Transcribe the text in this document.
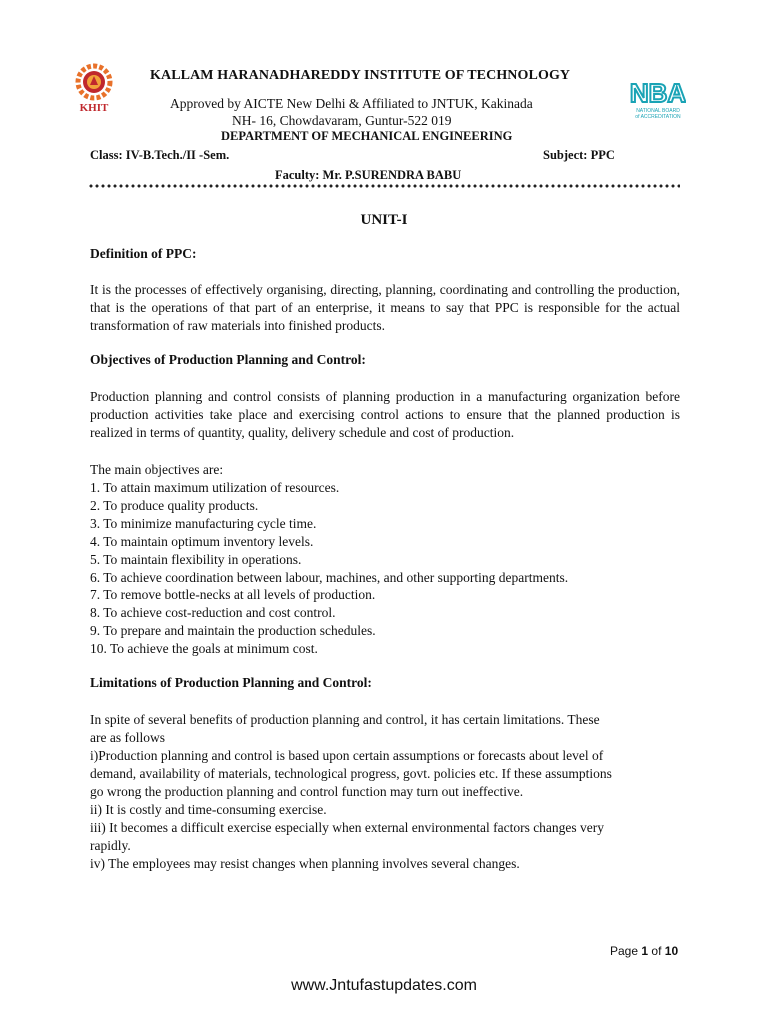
KHIT	NBA
NATIONAL BOARD
of ACCREDITATION
KALLAM HARANADHAREDDY INSTITUTE OF TECHNOLOGY
Approved by AICTE New Delhi & Affiliated to JNTUK, Kakinada
NH- 16, Chowdavaram, Guntur-522 019
DEPARTMENT OF MECHANICAL ENGINEERING
Class: IV-B.Tech./II -Sem.	Subject: PPC
Faculty: Mr. P.SURENDRA BABU
UNIT-I
Definition of PPC:

It is the processes of effectively organising, directing, planning, coordinating and controlling the production, that is the operations of that part of an enterprise, it means to say that PPC is responsible for the actual transformation of raw materials into finished products.

Objectives of Production Planning and Control:

Production planning and control consists of planning production in a manufacturing organization before production activities take place and exercising control actions to ensure that the planned production is realized in terms of quantity, quality, delivery schedule and cost of production.

The main objectives are:
1. To attain maximum utilization of resources.
2. To produce quality products.
3. To minimize manufacturing cycle time.
4. To maintain optimum inventory levels.
5. To maintain flexibility in operations.
6. To achieve coordination between labour, machines, and other supporting departments.
7. To remove bottle-necks at all levels of production.
8. To achieve cost-reduction and cost control.
9. To prepare and maintain the production schedules.
10. To achieve the goals at minimum cost.
Limitations of Production Planning and Control:
In spite of several benefits of production planning and control, it has certain limitations. These
are as follows
i)Production planning and control is based upon certain assumptions or forecasts about level of
demand, availability of materials, technological progress, govt. policies etc. If these assumptions
go wrong the production planning and control function may turn out ineffective.
ii) It is costly and time-consuming exercise.
iii) It becomes a difficult exercise especially when external environmental factors changes very
rapidly.
iv) The employees may resist changes when planning involves several changes.
Page 1 of 10
www.Jntufastupdates.com
